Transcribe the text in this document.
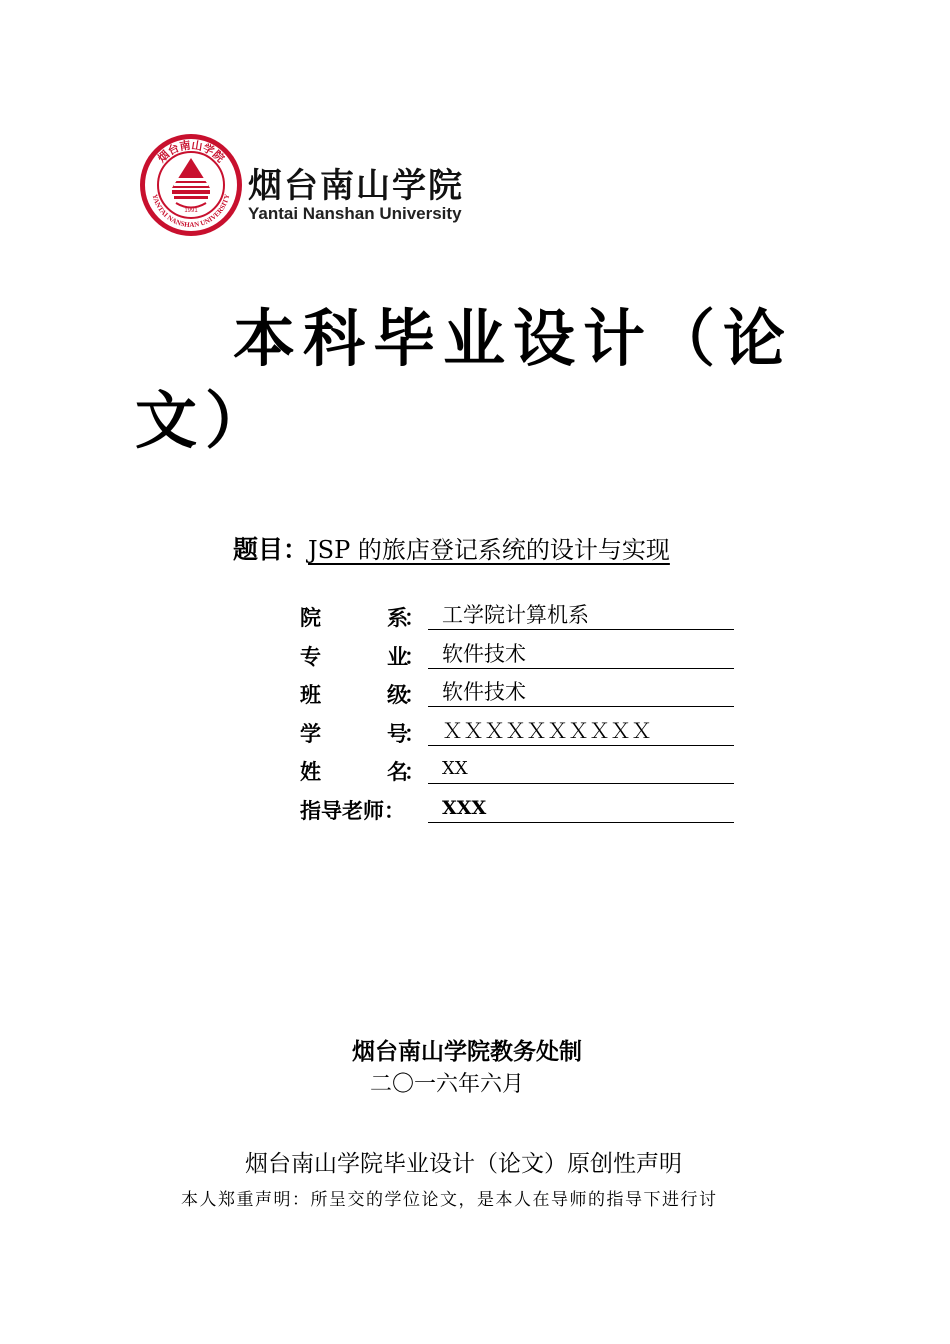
烟台南山学院
YANTAI NANSHAN UNIVERSITY
1991
烟台南山学院
Yantai Nanshan University
本科毕业设计（论文）
题目：JSP 的旅店登记系统的设计与实现
院	系： 工学院计算机系
专	业： 软件技术
班	级： 软件技术
学	号： ＸＸＸＸＸＸＸＸＸＸ
姓	名： XX
指导老师：	XXX
烟台南山学院教务处制
二〇一六年六月
烟台南山学院毕业设计（论文）原创性声明
本人郑重声明：所呈交的学位论文，是本人在导师的指导下进行讨
